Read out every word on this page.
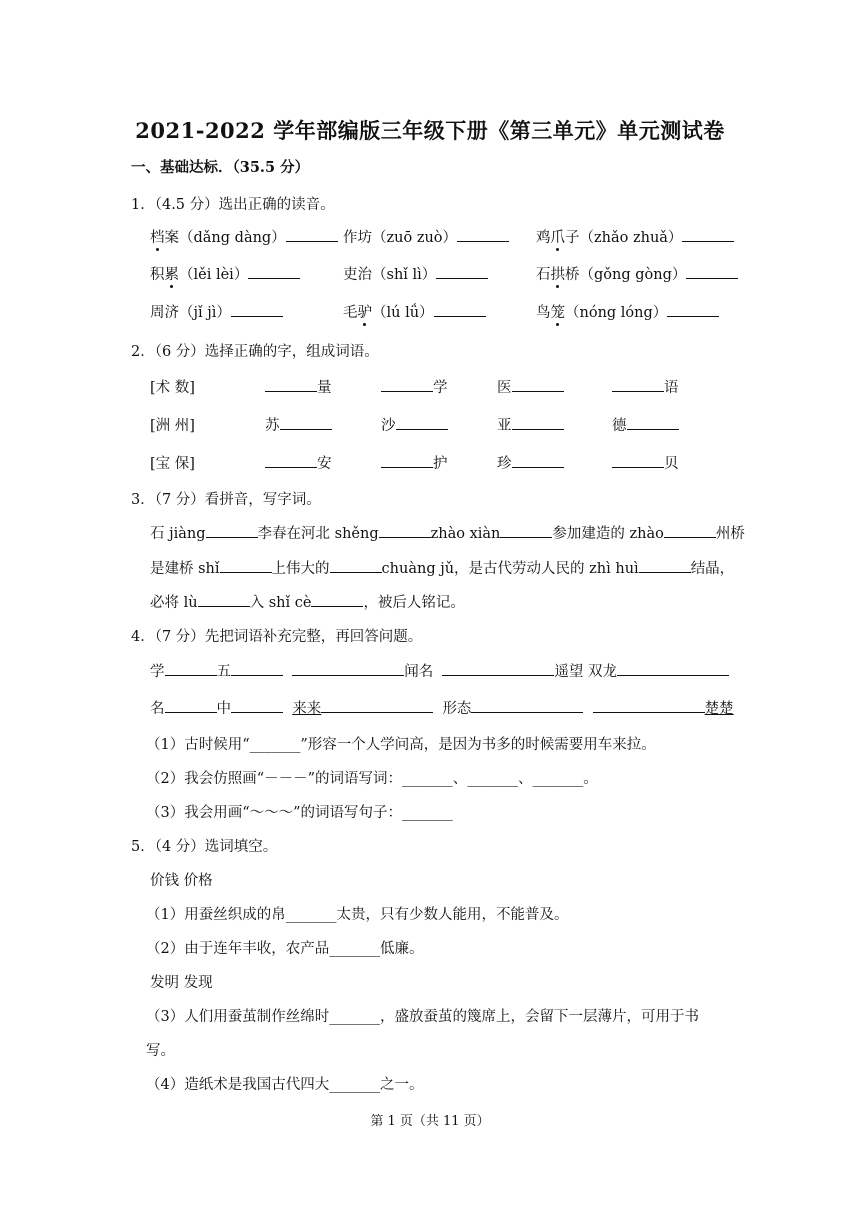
2021-2022 学年部编版三年级下册《第三单元》单元测试卷
一、基础达标．（35.5 分）
1．（4.5 分）选出正确的读音。
档案（dǎng dàng）	作坊（zuō zuò）	鸡爪子（zhǎo zhuǎ）
积累（lěi lèi）	吏治（shǐ lì）	石拱桥（gǒng gòng）
周济（jǐ jì）	毛驴（lú lǘ）	鸟笼（nóng lóng）
2．（6 分）选择正确的字，组成词语。
[术 数]	量	学	医	语
[洲 州]	苏	沙	亚	德
[宝 保]	安	护	珍	贝
3．（7 分）看拼音，写字词。
石 jiàng	李春在河北 shěng	zhào xiàn	参加建造的 zhào	州桥
是建桥 shǐ	上伟大的	chuàng jǔ，是古代劳动人民的 zhì huì	结晶，
必将 lù	入 shǐ cè	，被后人铭记。
4．（7 分）先把词语补充完整，再回答问题。
学	五	闻名	遥望 双龙
名	中	来来	形态	楚楚
（1）古时候用“_______”形容一个人学问高，是因为书多的时候需要用车来拉。
（2）我会仿照画“－－－”的词语写词：_______、_______、_______。
（3）我会用画“～～～”的词语写句子：_______
5．（4 分）选词填空。
价钱 价格
（1）用蚕丝织成的帛_______太贵，只有少数人能用，不能普及。
（2）由于连年丰收，农产品_______低廉。
发明 发现
（3）人们用蚕茧制作丝绵时_______，盛放蚕茧的篾席上，会留下一层薄片，可用于书
写。
（4）造纸术是我国古代四大_______之一。
第 1 页（共 11 页）
